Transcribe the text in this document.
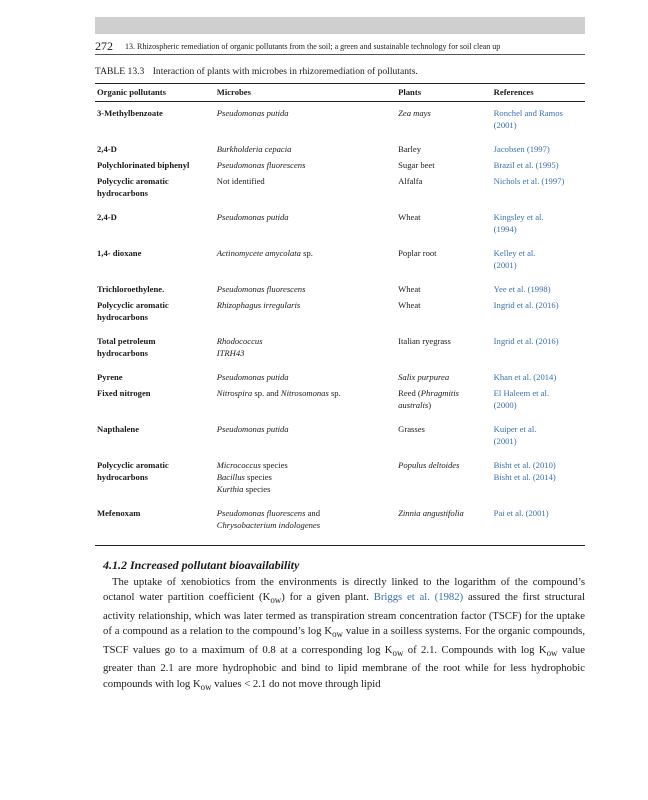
272 13. Rhizospheric remediation of organic pollutants from the soil; a green and sustainable technology for soil clean up
TABLE 13.3 Interaction of plants with microbes in rhizoremediation of pollutants.
Organic pollutants	Microbes	Plants	References
3-Methylbenzoate	Pseudomonas putida	Zea mays	Ronchel and Ramos
(2001)
2,4-D	Burkholderia cepacia	Barley	Jacobsen (1997)
Polychlorinated biphenyl	Pseudomonas fluorescens	Sugar beet	Brazil et al. (1995)
Polycyclic aromatic
hydrocarbons	Not identified	Alfalfa	Nichols et al. (1997)
2,4-D	Pseudomonas putida	Wheat	Kingsley et al.
(1994)
1,4- dioxane	Actinomycete amycolata sp.	Poplar root	Kelley et al.
(2001)
Trichloroethylene.	Pseudomonas fluorescens	Wheat	Yee et al. (1998)
Polycyclic aromatic
hydrocarbons	Rhizophagus irregularis	Wheat	Ingrid et al. (2016)
Total petroleum
hydrocarbons	Rhodococcus
ITRH43	Italian ryegrass	Ingrid et al. (2016)
Pyrene	Pseudomonas putida	Salix purpurea	Khan et al. (2014)
Fixed nitrogen	Nitrospira sp. and Nitrosomonas sp.	Reed (Phragmitis
australis)	El Haleem et al.
(2000)
Napthalene	Pseudomonas putida	Grasses	Kuiper et al.
(2001)
Polycyclic aromatic
hydrocarbons	Micrococcus species
Bacillus species
Kurthia species	Populus deltoides	Bisht et al. (2010)
Bisht et al. (2014)
Mefenoxam	Pseudomonas fluorescens and
Chrysobacterium indologenes	Zinnia angustifolia	Pai et al. (2001)
4.1.2 Increased pollutant bioavailability
The uptake of xenobiotics from the environments is directly linked to the logarithm of the compound’s octanol water partition coefficient $(K_{ow})$ for a given plant. Briggs et al. (1982) assured the first structural activity relationship, which was later termed as transpiration stream concentration factor (TSCF) for the uptake of a compound as a relation to the compound’s $\log K_{ow}$ value in a soilless systems. For the organic compounds, TSCF values go to a maximum of 0.8 at a corresponding $\log K_{ow}$ of 2.1. Compounds with $\log K_{ow}$ value greater than 2.1 are more hydrophobic and bind to lipid membrane of the root while for less hydrophobic compounds with $\log K_{ow}$ values < 2.1 do not move through lipid
